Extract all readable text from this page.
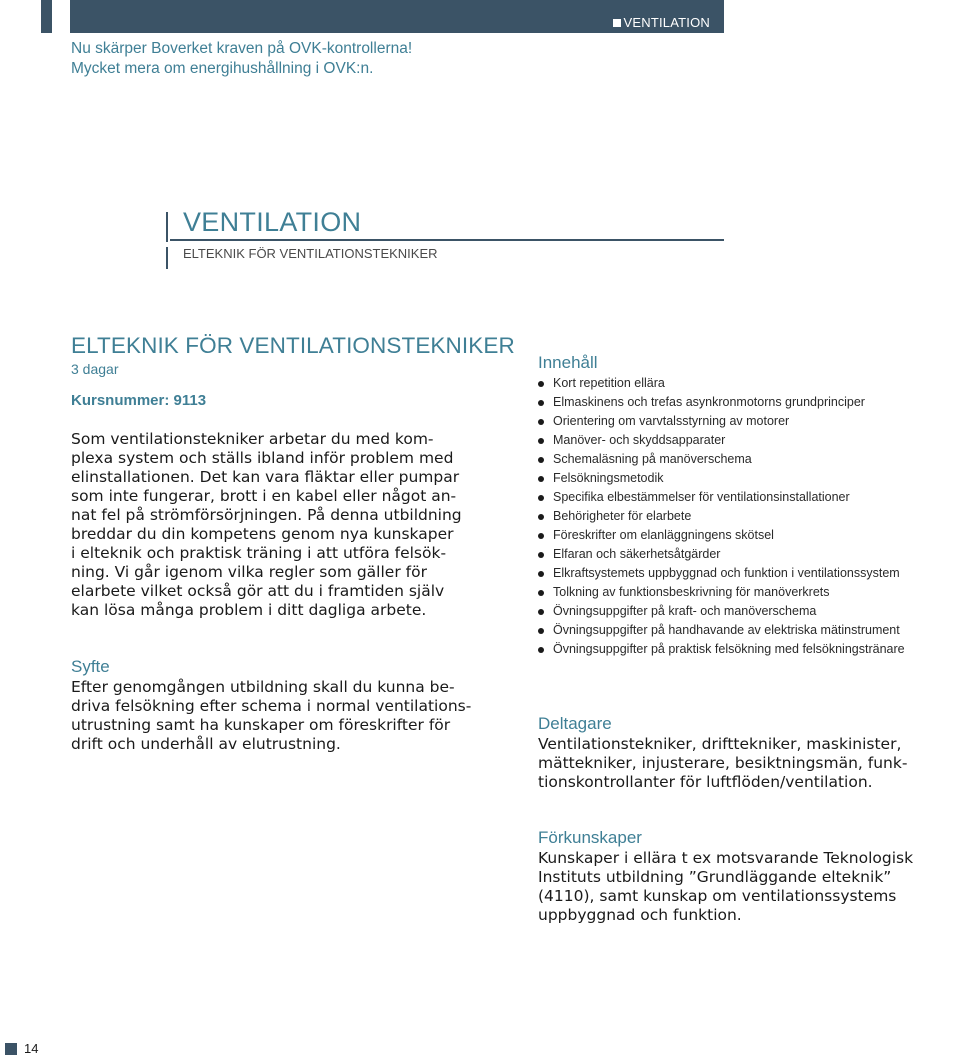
VENTILATION
Nu skärper Boverket kraven på OVK-kontrollerna!
Mycket mera om energihushållning i OVK:n.
VENTILATION
ELTEKNIK FÖR VENTILATIONSTEKNIKER
ELTEKNIK FÖR VENTILATIONSTEKNIKER
3 dagar
Kursnummer: 9113
Som ventilationstekniker arbetar du med kom-
plexa system och ställs ibland inför problem med
elinstallationen. Det kan vara fläktar eller pumpar
som inte fungerar, brott i en kabel eller något an-
nat fel på strömförsörjningen. På denna utbildning
breddar du din kompetens genom nya kunskaper
i elteknik och praktisk träning i att utföra felsök-
ning. Vi går igenom vilka regler som gäller för
elarbete vilket också gör att du i framtiden själv
kan lösa många problem i ditt dagliga arbete.
Syfte
Efter genomgången utbildning skall du kunna be-
driva felsökning efter schema i normal ventilations-
utrustning samt ha kunskaper om föreskrifter för
drift och underhåll av elutrustning.
Innehåll
Kort repetition ellära
Elmaskinens och trefas asynkronmotorns grundprinciper
Orientering om varvtalsstyrning av motorer
Manöver- och skyddsapparater
Schemaläsning på manöverschema
Felsökningsmetodik
Specifika elbestämmelser för ventilationsinstallationer
Behörigheter för elarbete
Föreskrifter om elanläggningens skötsel
Elfaran och säkerhetsåtgärder
Elkraftsystemets uppbyggnad och funktion i ventilationssystem
Tolkning av funktionsbeskrivning för manöverkrets
Övningsuppgifter på kraft- och manöverschema
Övningsuppgifter på handhavande av elektriska mätinstrument
Övningsuppgifter på praktisk felsökning med felsökningstränare
Deltagare
Ventilationstekniker, drifttekniker, maskinister,
mättekniker, injusterare, besiktningsmän, funk-
tionskontrollanter för luftflöden/ventilation.
Förkunskaper
Kunskaper i ellära t ex motsvarande Teknologisk
Instituts utbildning ”Grundläggande elteknik”
(4110), samt kunskap om ventilationssystems
uppbyggnad och funktion.
14
